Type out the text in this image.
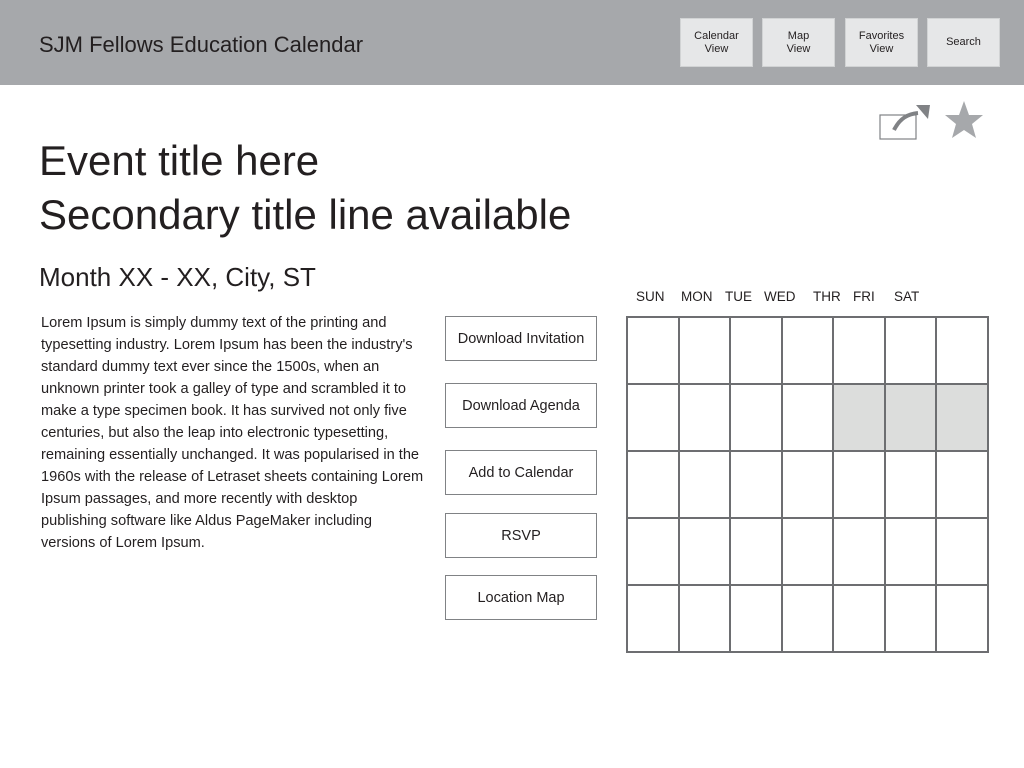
SJM Fellows Education Calendar	Calendar
View
Map
View
Favorites
View
Search
Event title here
Secondary title line available
Month XX - XX, City, ST
Lorem Ipsum is simply dummy text of the printing and typesetting industry. Lorem Ipsum has been the industry's standard dummy text ever since the 1500s, when an unknown printer took a galley of type and scrambled it to make a type specimen book. It has survived not only five centuries, but also the leap into electronic typesetting, remaining essentially unchanged. It was popularised in the 1960s with the release of Letraset sheets containing Lorem Ipsum passages, and more recently with desktop publishing software like Aldus PageMaker including versions of Lorem Ipsum.
Download Invitation
Download Agenda
Add to Calendar
RSVP
Location Map
SUN MON TUE WED THR FRI SAT
